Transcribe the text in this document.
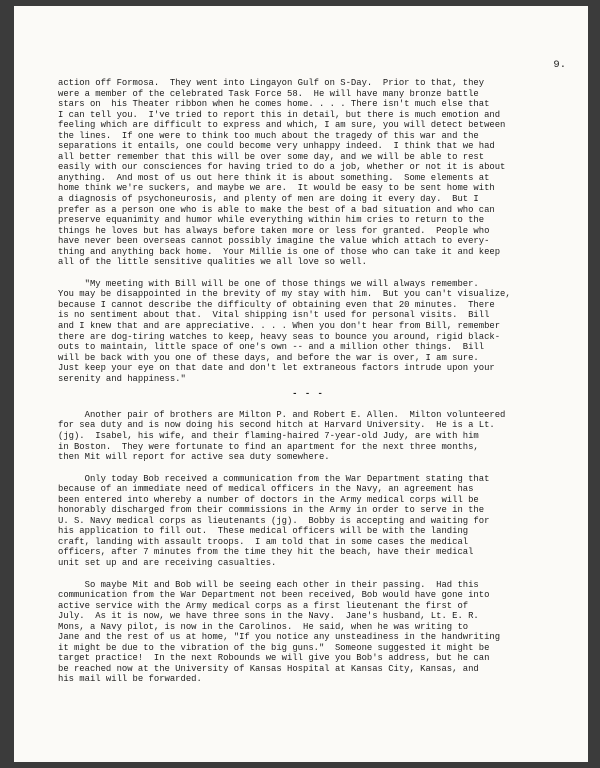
9.
action off Formosa.  They went into Lingayon Gulf on S-Day.  Prior to that, they
were a member of the celebrated Task Force 58.  He will have many bronze battle
stars on  his Theater ribbon when he comes home. . . . There isn't much else that
I can tell you.  I've tried to report this in detail, but there is much emotion and
feeling which are difficult to express and which, I am sure, you will detect between
the lines.  If one were to think too much about the tragedy of this war and the
separations it entails, one could become very unhappy indeed.  I think that we had
all better remember that this will be over some day, and we will be able to rest
easily with our consciences for having tried to do a job, whether or not it is about
anything.  And most of us out here think it is about something.  Some elements at
home think we're suckers, and maybe we are.  It would be easy to be sent home with
a diagnosis of psychoneurosis, and plenty of men are doing it every day.  But I
prefer as a person one who is able to make the best of a bad situation and who can
preserve equanimity and humor while everything within him cries to return to the
things he loves but has always before taken more or less for granted.  People who
have never been overseas cannot possibly imagine the value which attach to every-
thing and anything back home.  Your Millie is one of those who can take it and keep
all of the little sensitive qualities we all love so well.
"My meeting with Bill will be one of those things we will always remember.
You may be disappointed in the brevity of my stay with him.  But you can't visualize,
because I cannot describe the difficulty of obtaining even that 20 minutes.  There
is no sentiment about that.  Vital shipping isn't used for personal visits.  Bill
and I knew that and are appreciative. . . . When you don't hear from Bill, remember
there are dog-tiring watches to keep, heavy seas to bounce you around, rigid black-
outs to maintain, little space of one's own -- and a million other things.  Bill
will be back with you one of these days, and before the war is over, I am sure.
Just keep your eye on that date and don't let extraneous factors intrude upon your
serenity and happiness."
- - -
Another pair of brothers are Milton P. and Robert E. Allen.  Milton volunteered
for sea duty and is now doing his second hitch at Harvard University.  He is a Lt.
(jg).  Isabel, his wife, and their flaming-haired 7-year-old Judy, are with him
in Boston.  They were fortunate to find an apartment for the next three months,
then Mit will report for active sea duty somewhere.
Only today Bob received a communication from the War Department stating that
because of an immediate need of medical officers in the Navy, an agreement has
been entered into whereby a number of doctors in the Army medical corps will be
honorably discharged from their commissions in the Army in order to serve in the
U. S. Navy medical corps as lieutenants (jg).  Bobby is accepting and waiting for
his application to fill out.  These medical officers will be with the landing
craft, landing with assault troops.  I am told that in some cases the medical
officers, after 7 minutes from the time they hit the beach, have their medical
unit set up and are receiving casualties.
So maybe Mit and Bob will be seeing each other in their passing.  Had this
communication from the War Department not been received, Bob would have gone into
active service with the Army medical corps as a first lieutenant the first of
July.  As it is now, we have three sons in the Navy.  Jane's husband, Lt. E. R.
Mons, a Navy pilot, is now in the Carolinos.  He said, when he was writing to
Jane and the rest of us at home, "If you notice any unsteadiness in the handwriting
it might be due to the vibration of the big guns."  Someone suggested it might be
target practice!  In the next Robounds we will give you Bob's address, but he can
be reached now at the University of Kansas Hospital at Kansas City, Kansas, and
his mail will be forwarded.
